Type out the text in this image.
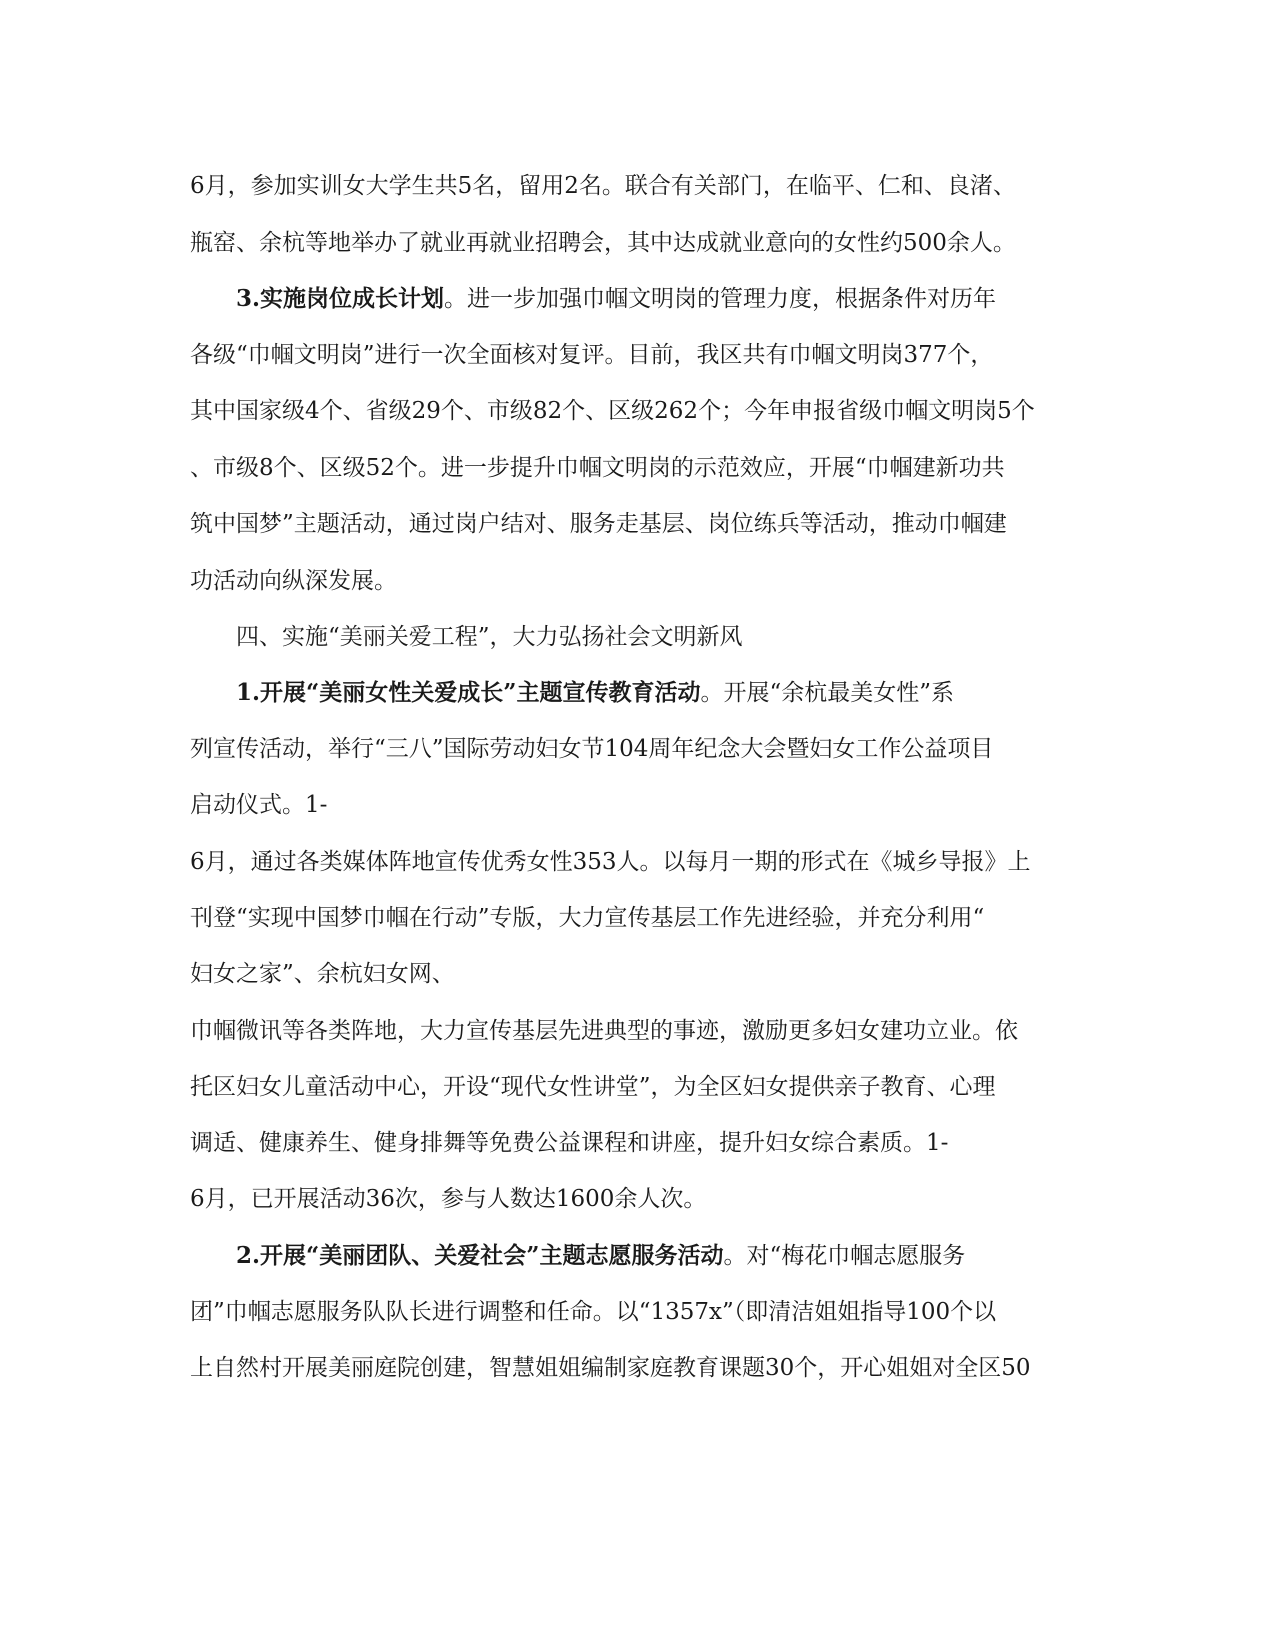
6月，参加实训女大学生共5名，留用2名。联合有关部门，在临平、仁和、良渚、
瓶窑、余杭等地举办了就业再就业招聘会，其中达成就业意向的女性约500余人。
3.实施岗位成长计划。进一步加强巾帼文明岗的管理力度，根据条件对历年
各级“巾帼文明岗”进行一次全面核对复评。目前，我区共有巾帼文明岗377个，
其中国家级4个、省级29个、市级82个、区级262个；今年申报省级巾帼文明岗5个
、市级8个、区级52个。进一步提升巾帼文明岗的示范效应，开展“巾帼建新功共
筑中国梦”主题活动，通过岗户结对、服务走基层、岗位练兵等活动，推动巾帼建
功活动向纵深发展。
四、实施“美丽关爱工程”，大力弘扬社会文明新风
1.开展“美丽女性关爱成长”主题宣传教育活动。开展“余杭最美女性”系
列宣传活动，举行“三八”国际劳动妇女节104周年纪念大会暨妇女工作公益项目
启动仪式。1-
6月，通过各类媒体阵地宣传优秀女性353人。以每月一期的形式在《城乡导报》上
刊登“实现中国梦巾帼在行动”专版，大力宣传基层工作先进经验，并充分利用“
妇女之家”、余杭妇女网、
巾帼微讯等各类阵地，大力宣传基层先进典型的事迹，激励更多妇女建功立业。依
托区妇女儿童活动中心，开设“现代女性讲堂”，为全区妇女提供亲子教育、心理
调适、健康养生、健身排舞等免费公益课程和讲座，提升妇女综合素质。1-
6月，已开展活动36次，参与人数达1600余人次。
2.开展“美丽团队、关爱社会”主题志愿服务活动。对“梅花巾帼志愿服务
团”巾帼志愿服务队队长进行调整和任命。以“1357x”（即清洁姐姐指导100个以
上自然村开展美丽庭院创建，智慧姐姐编制家庭教育课题30个，开心姐姐对全区50
